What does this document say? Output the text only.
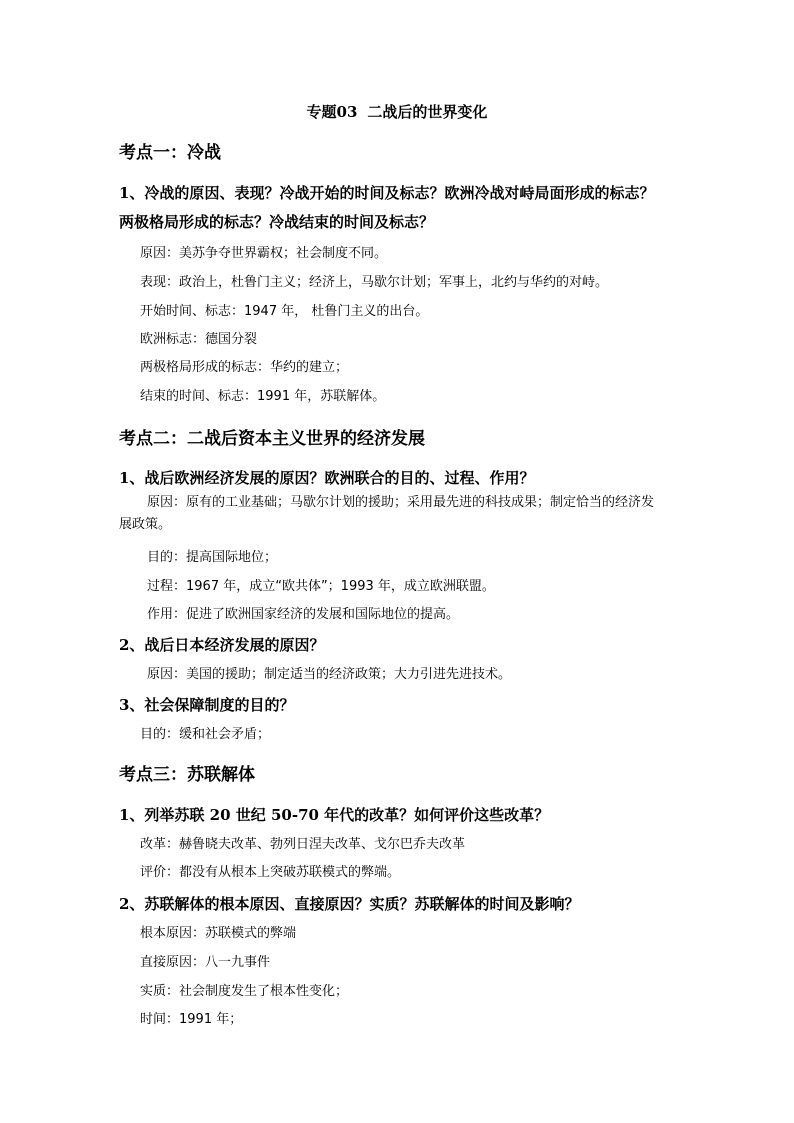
专题03 二战后的世界变化
考点一：冷战
1、冷战的原因、表现？冷战开始的时间及标志？欧洲冷战对峙局面形成的标志？
两极格局形成的标志？冷战结束的时间及标志？
原因：美苏争夺世界霸权；社会制度不同。
表现：政治上，杜鲁门主义；经济上，马歇尔计划；军事上，北约与华约的对峙。
开始时间、标志：1947 年， 杜鲁门主义的出台。
欧洲标志：德国分裂
两极格局形成的标志：华约的建立；
结束的时间、标志：1991 年，苏联解体。
考点二：二战后资本主义世界的经济发展
1、战后欧洲经济发展的原因？欧洲联合的目的、过程、作用？
原因：原有的工业基础；马歇尔计划的援助；采用最先进的科技成果；制定恰当的经济发展政策。
目的：提高国际地位；
过程：1967 年，成立“欧共体”；1993 年，成立欧洲联盟。
作用：促进了欧洲国家经济的发展和国际地位的提高。
2、战后日本经济发展的原因？
原因：美国的援助；制定适当的经济政策；大力引进先进技术。
3、社会保障制度的目的？
目的：缓和社会矛盾；
考点三：苏联解体
1、列举苏联 20 世纪 50-70 年代的改革？如何评价这些改革？
改革：赫鲁晓夫改革、勃列日涅夫改革、戈尔巴乔夫改革
评价：都没有从根本上突破苏联模式的弊端。
2、苏联解体的根本原因、直接原因？实质？苏联解体的时间及影响？
根本原因：苏联模式的弊端
直接原因：八一九事件
实质：社会制度发生了根本性变化；
时间：1991 年；
